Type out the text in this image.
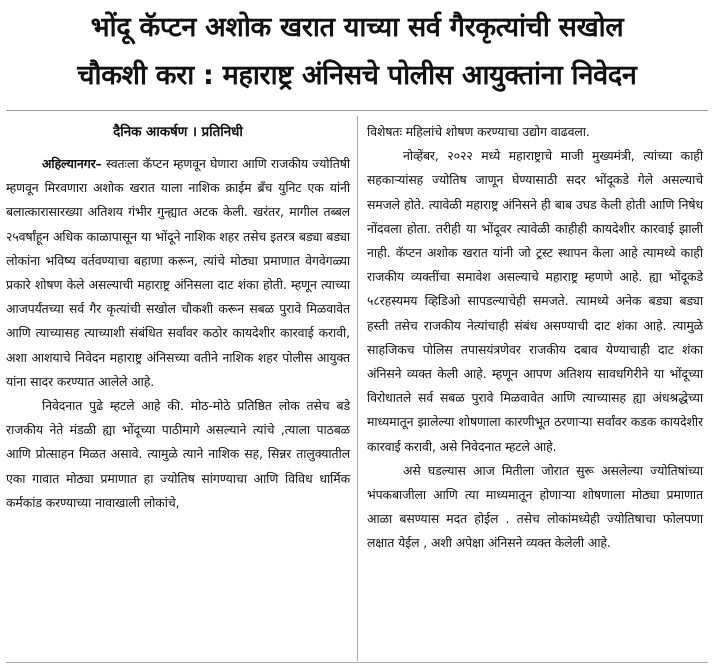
भोंदू कॅप्टन अशोक खरात याच्या सर्व गैरकृत्यांची सखोल
चौकशी करा : महाराष्ट्र अंनिसचे पोलीस आयुक्तांना निवेदन
दैनिक आकर्षण । प्रतिनिधी

अहिल्यानगर– स्वतःला कॅप्टन म्हणवून घेणारा आणि राजकीय ज्योतिषी म्हणवून मिरवणारा अशोक खरात याला नाशिक क्राईम ब्रँच युनिट एक यांनी बलात्कारासारख्या अतिशय गंभीर गुन्ह्यात अटक केली. खरंतर, मागील तब्बल २५वर्षांहून अधिक काळापासून या भोंदूने नाशिक शहर तसेच इतरत्र बड्या बड्या लोकांना भविष्य वर्तवण्याचा बहाणा करून, त्यांचे मोठ्या प्रमाणात वेगवेगळ्या प्रकारे शोषण केले असल्याची महाराष्ट्र अंनिसला दाट शंका होती. म्हणून त्याच्या आजपर्यंतच्या सर्व गैर कृत्यांची सखोल चौकशी करून सबळ पुरावे मिळवावेत आणि त्याच्यासह त्याच्याशी संबंधित सर्वांवर कठोर कायदेशीर कारवाई करावी, अशा आशयाचे निवेदन महाराष्ट्र अंनिसच्या वतीने नाशिक शहर पोलीस आयुक्त यांना सादर करण्यात आलेले आहे.

निवेदनात पुढे म्हटले आहे की. मोठ-मोठे प्रतिष्ठित लोक तसेच बडे राजकीय नेते मंडळी ह्या भोंदूच्या पाठीमागे असल्याने त्यांचे ,त्याला पाठबळ आणि प्रोत्साहन मिळत असावे. त्यामुळे त्याने नाशिक सह, सिन्नर तालुक्यातील एका गावात मोठ्या प्रमाणात हा ज्योतिष सांगण्याचा आणि विविध धार्मिक कर्मकांड करण्याच्या नावाखाली लोकांचे,

विशेषतः महिलांचे शोषण करण्याचा उद्योग वाढवला.

नोव्हेंबर, २०२२ मध्ये महाराष्ट्राचे माजी मुख्यमंत्री, त्यांच्या काही सहकाऱ्यांसह ज्योतिष जाणून घेण्यासाठी सदर भोंदूकडे गेले असल्याचे समजले होते. त्यावेळी महाराष्ट्र अंनिसने ही बाब उघड केली होती आणि निषेध नोंदवला होता. तरीही या भोंदूवर त्यावेळी काहीही कायदेशीर कारवाई झाली नाही. कॅप्टन अशोक खरात यांनी जो ट्रस्ट स्थापन केला आहे त्यामध्ये काही राजकीय व्यक्तींचा समावेश असल्याचे महाराष्ट्र म्हणणे आहे. ह्या भोंदूकडे ५८रहस्यमय व्हिडिओ सापडल्याचेही समजते. त्यामध्ये अनेक बड्या बड्या हस्ती तसेच राजकीय नेत्यांचाही संबंध असण्याची दाट शंका आहे. त्यामुळे साहजिकच पोलिस तपासयंत्रणेवर राजकीय दबाव येण्याचाही दाट शंका अंनिसने व्यक्त केली आहे. म्हणून आपण अतिशय सावधगिरीने या भोंदूच्या विरोधातले सर्व सबळ पुरावे मिळवावेत आणि त्याच्यासह ह्या अंधश्रद्धेच्या माध्यमातून झालेल्या शोषणाला कारणीभूत ठरणाऱ्या सर्वांवर कडक कायदेशीर कारवाई करावी, असे निवेदनात म्हटले आहे.

असे घडल्यास आज मितीला जोरात सुरू असलेल्या ज्योतिषांच्या भंपकबाजीला आणि त्या माध्यमातून होणाऱ्या शोषणाला मोठ्या प्रमाणात आळा बसण्यास मदत होईल . तसेच लोकांमध्येही ज्योतिषाचा फोलपणा लक्षात येईल , अशी अपेक्षा अंनिसने व्यक्त केलेली आहे.
